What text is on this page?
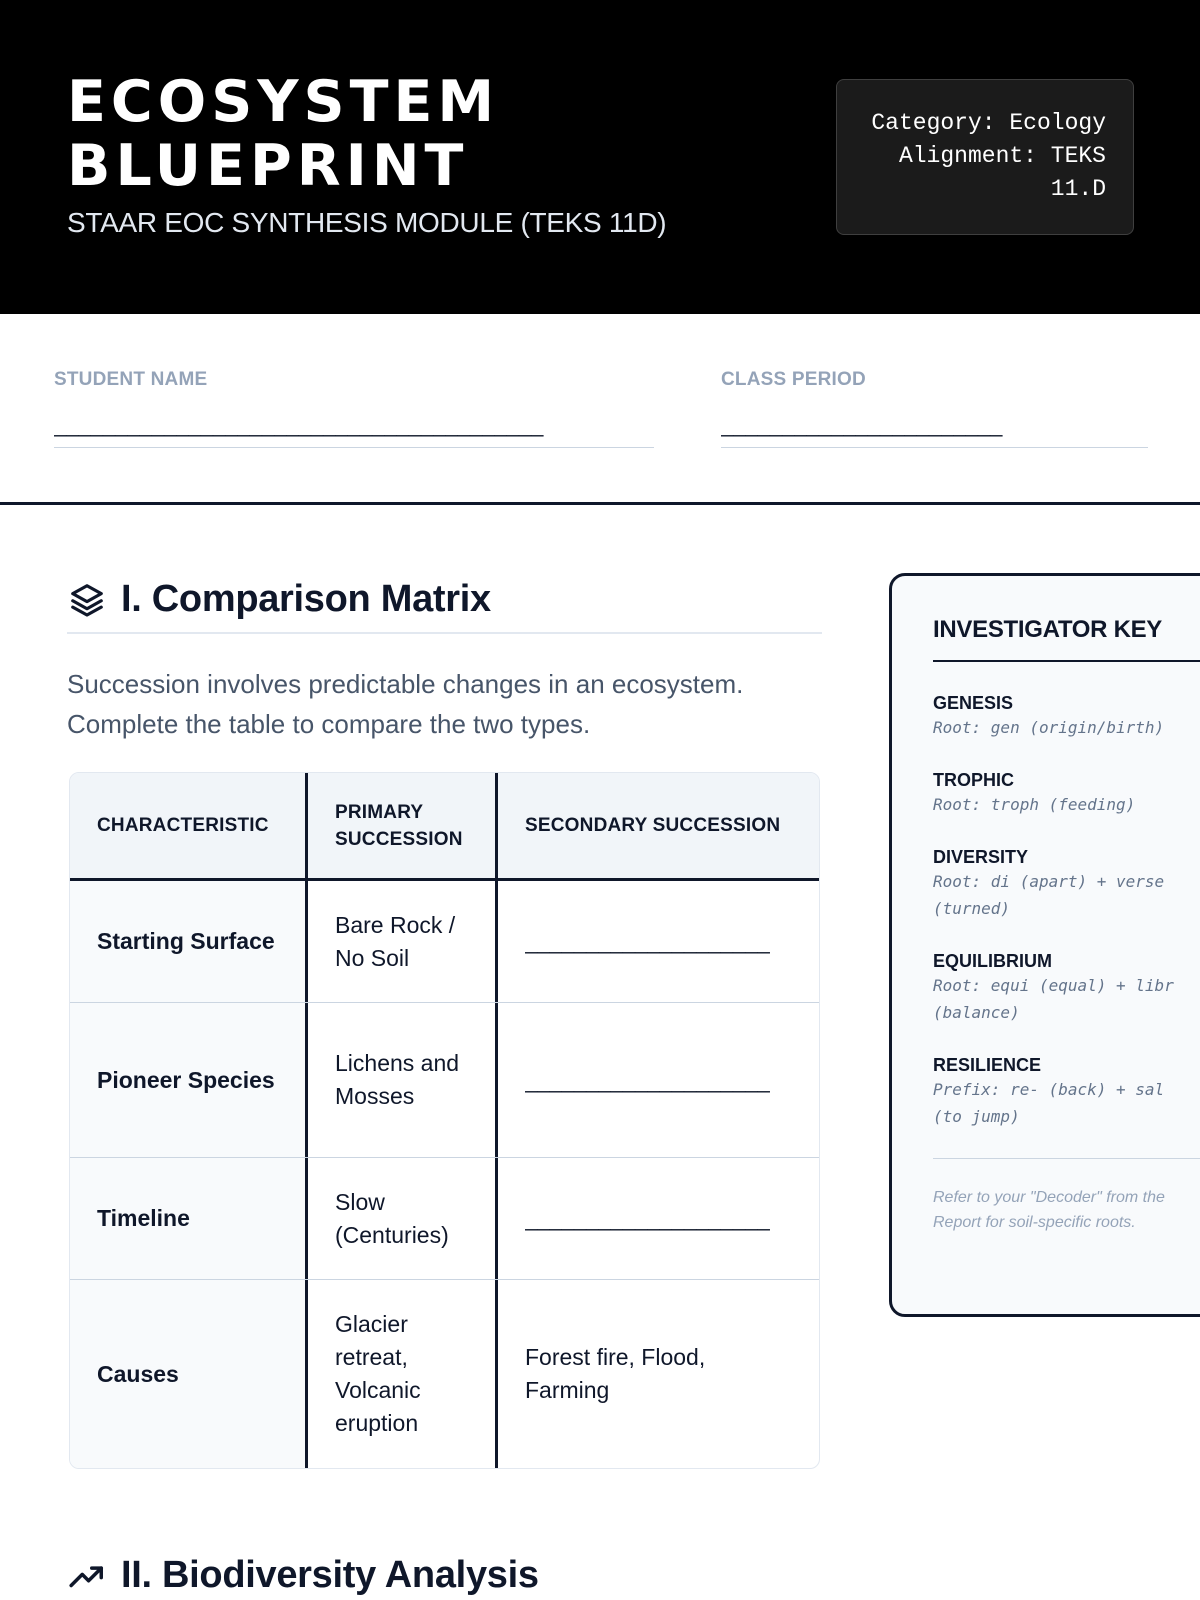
ECOSYSTEM BLUEPRINT
STAAR EOC SYNTHESIS MODULE (TEKS 11D)
Category: Ecology
Alignment: TEKS 11.D
STUDENT NAME
________________________________________
CLASS PERIOD
_______________________
I. Comparison Matrix
Succession involves predictable changes in an ecosystem. Complete the table to compare the two types.
CHARACTERISTIC
PRIMARY SUCCESSION
SECONDARY SUCCESSION
Starting Surface
Bare Rock / No Soil
____________________
Pioneer Species
Lichens and Mosses
____________________
Timeline
Slow (Centuries)
____________________
Causes
Glacier retreat, Volcanic eruption
Forest fire, Flood, Farming
INVESTIGATOR KEY
GENESIS
Root: gen (origin/birth)
TROPHIC
Root: troph (feeding)
DIVERSITY
Root: di (apart) + verse
(turned)
EQUILIBRIUM
Root: equi (equal) + libr
(balance)
RESILIENCE
Prefix: re- (back) + sal
(to jump)
Refer to your "Decoder" from the
Report for soil-specific roots.
II. Biodiversity Analysis
